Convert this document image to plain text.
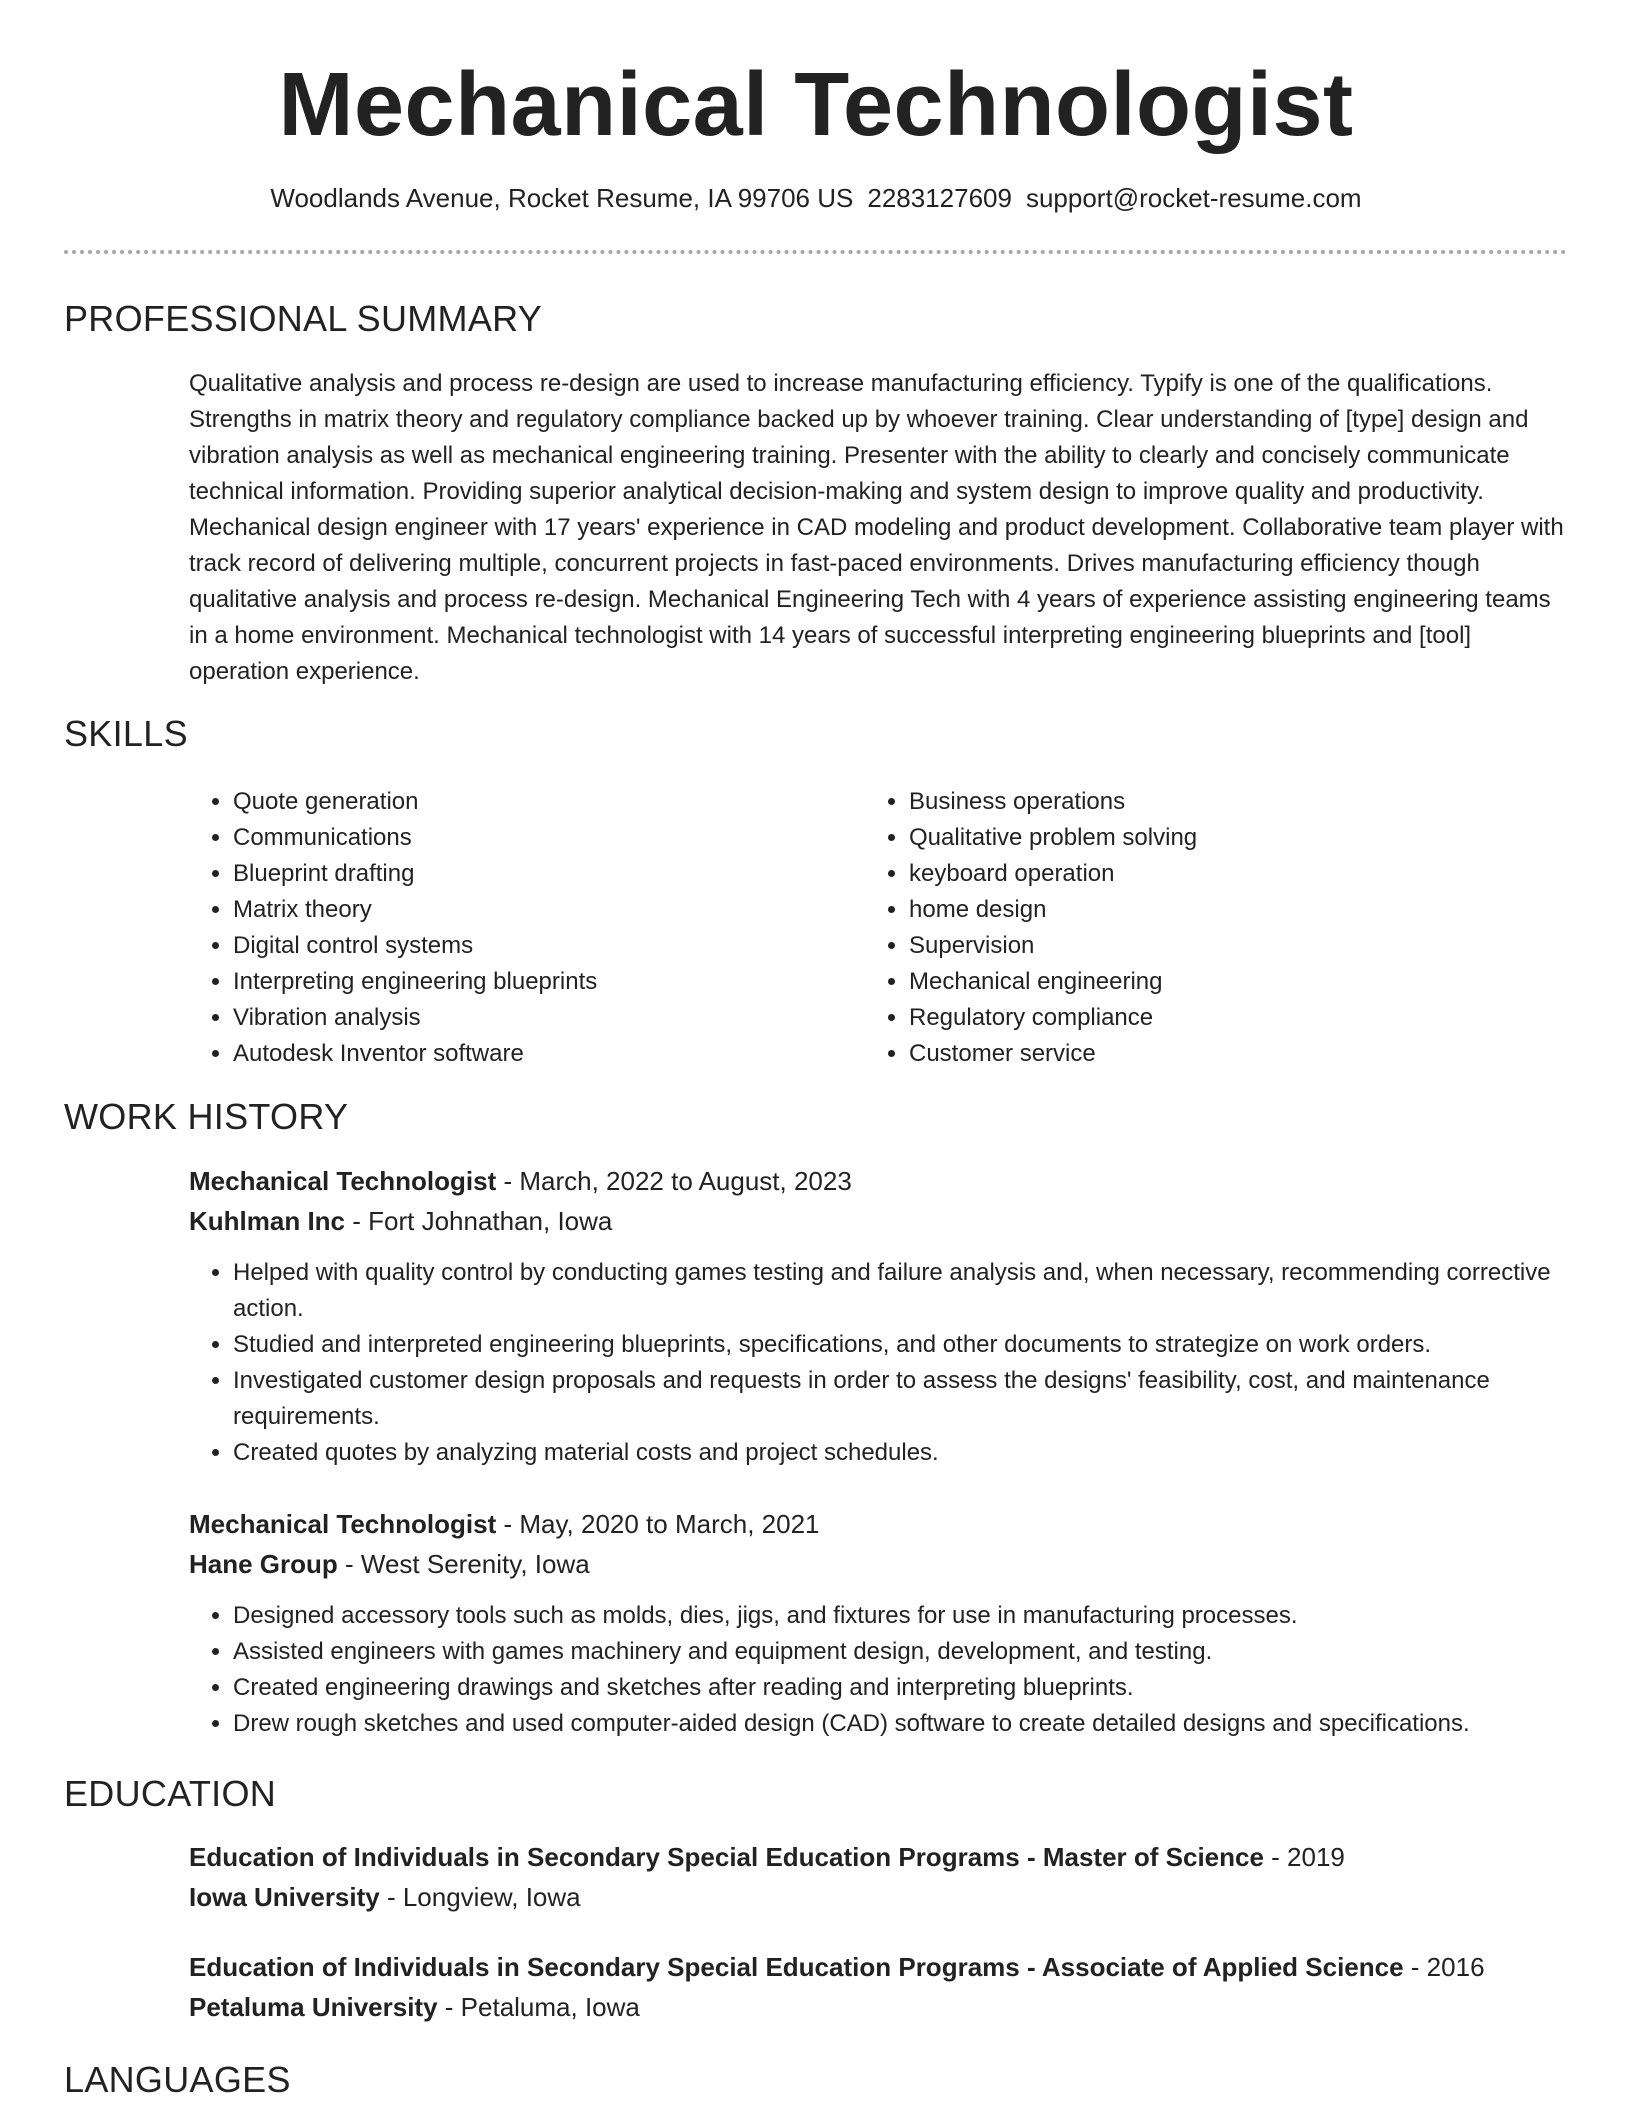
Mechanical Technologist
Woodlands Avenue, Rocket Resume, IA 99706 US 2283127609 support@rocket-resume.com
PROFESSIONAL SUMMARY

Qualitative analysis and process re-design are used to increase manufacturing efficiency. Typify is one of the qualifications. Strengths in matrix theory and regulatory compliance backed up by whoever training. Clear understanding of [type] design and vibration analysis as well as mechanical engineering training. Presenter with the ability to clearly and concisely communicate technical information. Providing superior analytical decision-making and system design to improve quality and productivity. Mechanical design engineer with 17 years' experience in CAD modeling and product development. Collaborative team player with track record of delivering multiple, concurrent projects in fast-paced environments. Drives manufacturing efficiency though qualitative analysis and process re-design. Mechanical Engineering Tech with 4 years of experience assisting engineering teams in a home environment. Mechanical technologist with 14 years of successful interpreting engineering blueprints and [tool] operation experience.

SKILLS
• Quote generation
• Communications
• Blueprint drafting
• Matrix theory
• Digital control systems
• Interpreting engineering blueprints
• Vibration analysis
• Autodesk Inventor software
• Business operations
• Qualitative problem solving
• keyboard operation
• home design
• Supervision
• Mechanical engineering
• Regulatory compliance
• Customer service
WORK HISTORY
Mechanical Technologist - March, 2022 to August, 2023
Kuhlman Inc - Fort Johnathan, Iowa
• Helped with quality control by conducting games testing and failure analysis and, when necessary, recommending corrective action.
• Studied and interpreted engineering blueprints, specifications, and other documents to strategize on work orders.
• Investigated customer design proposals and requests in order to assess the designs' feasibility, cost, and maintenance requirements.
• Created quotes by analyzing material costs and project schedules.
Mechanical Technologist - May, 2020 to March, 2021
Hane Group - West Serenity, Iowa
• Designed accessory tools such as molds, dies, jigs, and fixtures for use in manufacturing processes.
• Assisted engineers with games machinery and equipment design, development, and testing.
• Created engineering drawings and sketches after reading and interpreting blueprints.
• Drew rough sketches and used computer-aided design (CAD) software to create detailed designs and specifications.
EDUCATION
Education of Individuals in Secondary Special Education Programs - Master of Science - 2019
Iowa University - Longview, Iowa
Education of Individuals in Secondary Special Education Programs - Associate of Applied Science - 2016
Petaluma University - Petaluma, Iowa
LANGUAGES
